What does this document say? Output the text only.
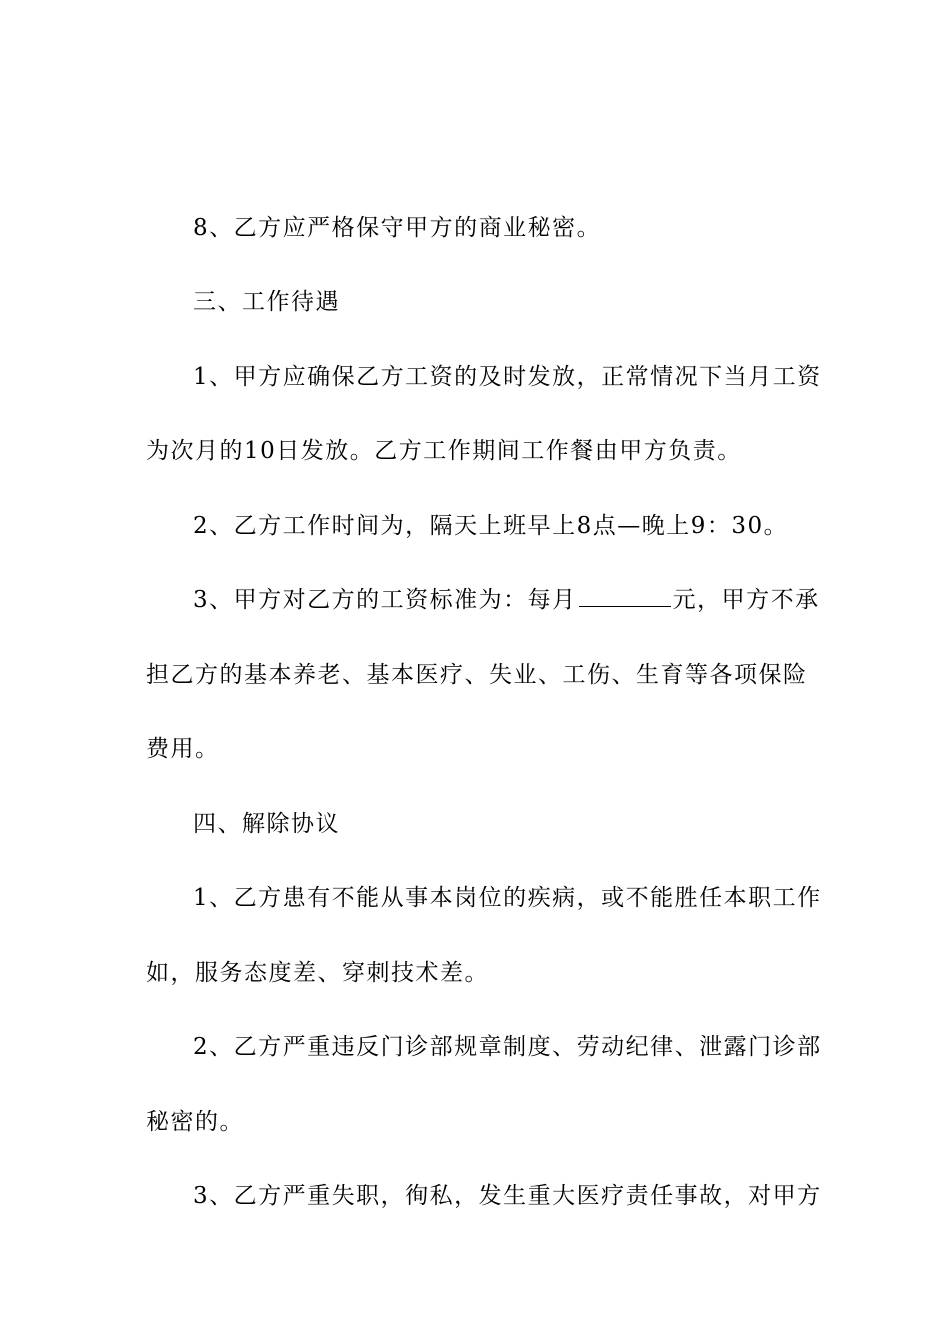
8、乙方应严格保守甲方的商业秘密。
三、工作待遇
1、甲方应确保乙方工资的及时发放，正常情况下当月工资
为次月的10日发放。乙方工作期间工作餐由甲方负责。
2、乙方工作时间为，隔天上班早上8点—晚上9：30。
3、甲方对乙方的工资标准为：每月	元，甲方不承
担乙方的基本养老、基本医疗、失业、工伤、生育等各项保险
费用。
四、解除协议
1、乙方患有不能从事本岗位的疾病，或不能胜任本职工作
如，服务态度差、穿刺技术差。
2、乙方严重违反门诊部规章制度、劳动纪律、泄露门诊部
秘密的。
3、乙方严重失职，徇私，发生重大医疗责任事故，对甲方
